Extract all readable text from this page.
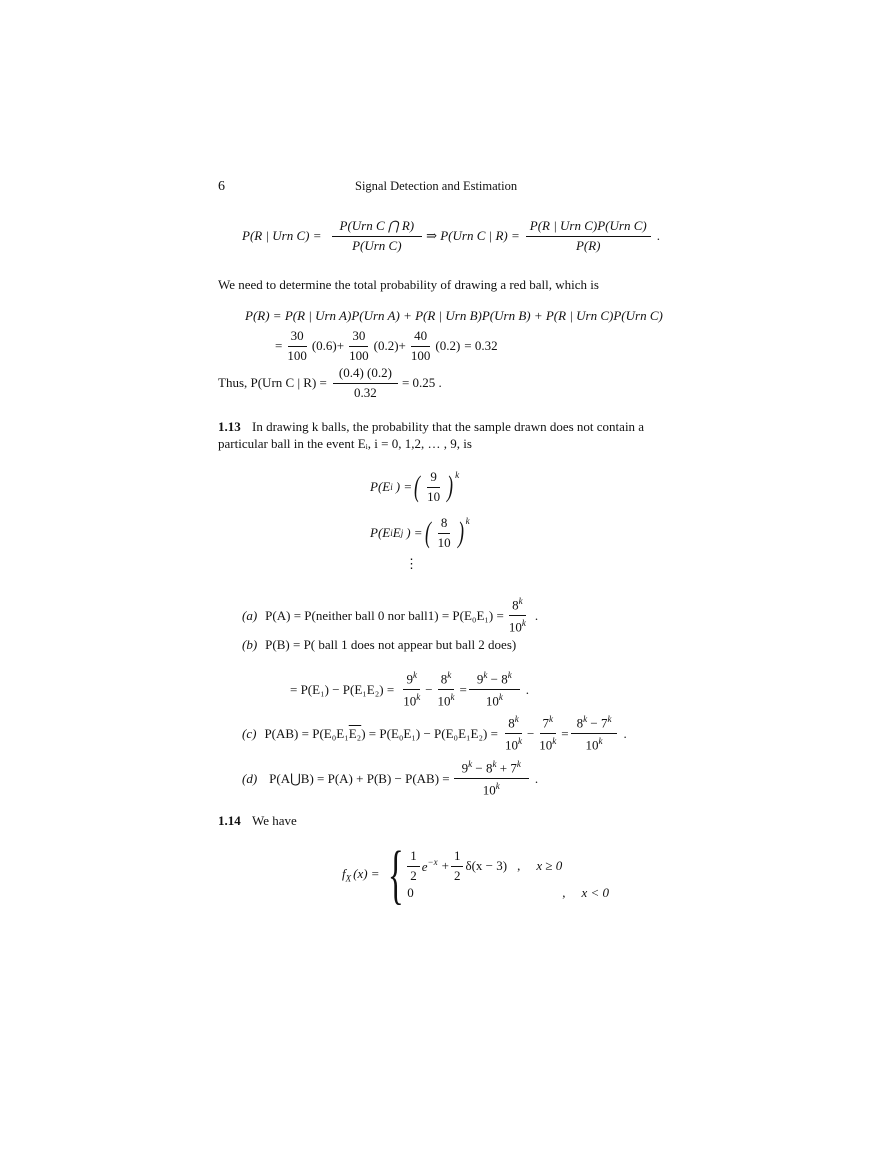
6	Signal Detection and Estimation
P(R | Urn $C) = \frac{\text{P(Urn C ⋂ R)}}{\text{P(Urn C)}}$ ⇒ P(Urn C | $R) = \frac{\text{P(R | Urn C)P(Urn C)}}{P(R)}$ .
We need to determine the total probability of drawing a red ball, which is
P(R) = P(R | Urn A)P(Urn A) + P(R | Urn B)P(Urn B) + P(R | Urn C)P(Urn C)
= $\frac{30}{100} (0.6) + \frac{30}{100} (0.2) + \frac{40}{100} (0.2) = 0.32$
Thus, P(Urn C | $R) = \frac{(0.4) (0.2)}{0.32} = 0.25$ .
1.13 In drawing k balls, the probability that the sample drawn does not contain a
particular ball in the event Eᵢ, i = 0, 1,2, … , 9, is
P(E i ) = ( $\frac{9}{10} )^k$
P(E i E j ) = ( $\frac{8}{10} )^k$
⋮
(a) P(A) = P(neither ball 0 nor ball1) = $P(E_0E_1) = \frac{8^k}{10^k}$ .
(b) P(B) = P( ball 1 does not appear but ball 2 does)
= $P(E_1) - P(E_1E_2) = \frac{9^k}{10^k} - \frac{8^k}{10^k} = \frac{9^k - 8^k}{10^k}$ .
(c) P(AB) = P(E₀E₁ E₂ ) = $P(E_0E_1) - P(E_0E_1E_2) = \frac{8^k}{10^k} - \frac{7^k}{10^k} = \frac{8^k - 7^k}{10^k}$ .
(d) P(A⋃B) = $P(A) + P(B) - P(AB) = \frac{9^k - 8^k + 7^k}{10^k}$ .
1.14 We have
$f_X$ (x) = { $\frac{1}{2} e^{-x} + \frac{1}{2} \delta(x - 3)$ , x ≥ 0
0	, x < 0
